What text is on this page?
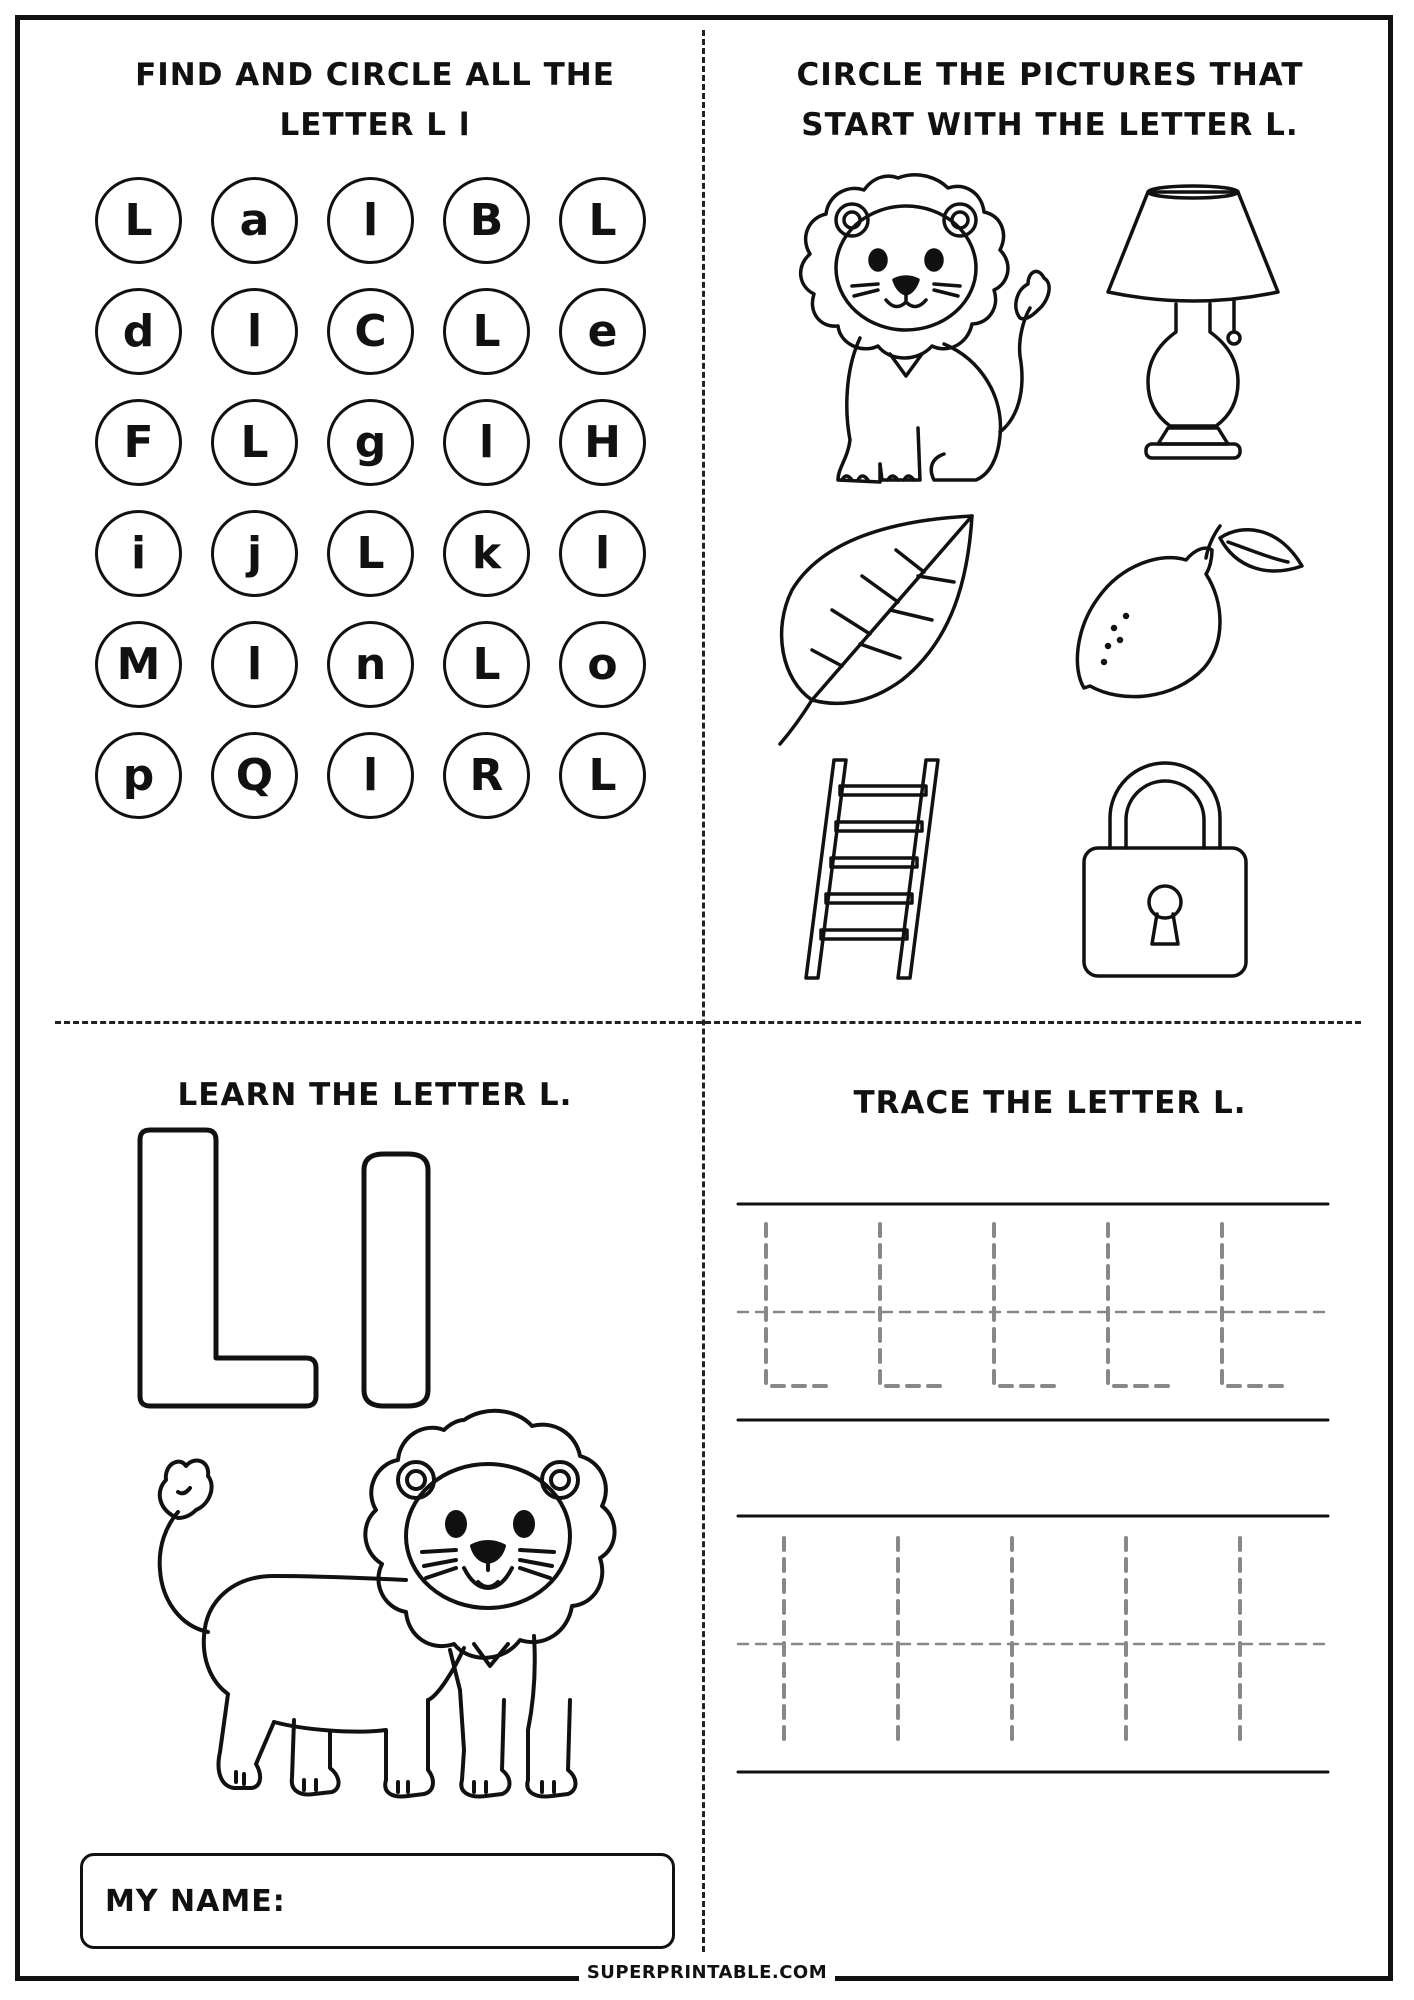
FIND AND CIRCLE ALL THE
LETTER L l
L	a	l	B	L
d	l	C	L	e
F	L	g	l	H
i	j	L	k	l
M	l	n	L	o
p	Q	l	R	L
CIRCLE THE PICTURES THAT
START WITH THE LETTER L.
LEARN THE LETTER L.	TRACE THE LETTER L.
MY NAME:
SUPERPRINTABLE.COM
